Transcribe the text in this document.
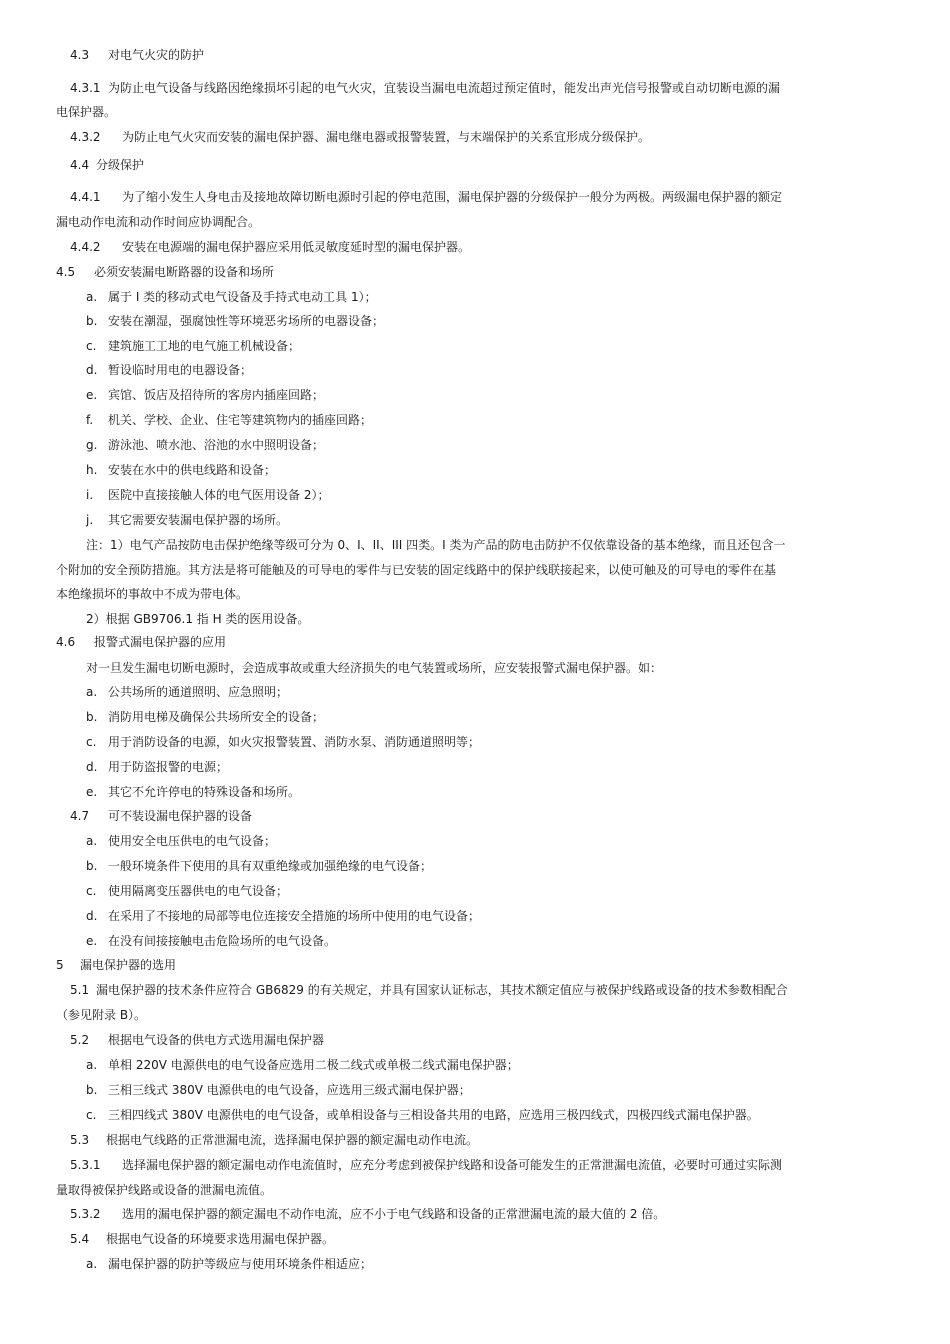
4.3 对电气火灾的防护
4.3.1 为防止电气设备与线路因绝缘损坏引起的电气火灾，宜装设当漏电电流超过预定值时，能发出声光信号报警或自动切断电源的漏
电保护器。
4.3.2 为防止电气火灾而安装的漏电保护器、漏电继电器或报警装置，与末端保护的关系宜形成分级保护。
4.4 分级保护
4.4.1 为了缩小发生人身电击及接地故障切断电源时引起的停电范围，漏电保护器的分级保护一般分为两极。两级漏电保护器的额定
漏电动作电流和动作时间应协调配合。
4.4.2 安装在电源端的漏电保护器应采用低灵敏度延时型的漏电保护器。
4.5 必须安装漏电断路器的设备和场所
a. 属于 I 类的移动式电气设备及手持式电动工具 1）；
b. 安装在潮湿，强腐蚀性等环境恶劣场所的电器设备；
c. 建筑施工工地的电气施工机械设备；
d. 暂设临时用电的电器设备；
e. 宾馆、饭店及招待所的客房内插座回路；
f. 机关、学校、企业、住宅等建筑物内的插座回路；
g. 游泳池、喷水池、浴池的水中照明设备；
h. 安装在水中的供电线路和设备；
i. 医院中直接接触人体的电气医用设备 2）；
j. 其它需要安装漏电保护器的场所。
注：1）电气产品按防电击保护绝缘等级可分为 0、I、II、III 四类。I 类为产品的防电击防护不仅依靠设备的基本绝缘，而且还包含一
个附加的安全预防措施。其方法是将可能触及的可导电的零件与已安装的固定线路中的保护线联接起来，以使可触及的可导电的零件在基
本绝缘损坏的事故中不成为带电体。
2）根据 GB9706.1 指 H 类的医用设备。
4.6 报警式漏电保护器的应用
对一旦发生漏电切断电源时，会造成事故或重大经济损失的电气装置或场所，应安装报警式漏电保护器。如：
a. 公共场所的通道照明、应急照明；
b. 消防用电梯及确保公共场所安全的设备；
c. 用于消防设备的电源，如火灾报警装置、消防水泵、消防通道照明等；
d. 用于防盗报警的电源；
e. 其它不允许停电的特殊设备和场所。
4.7 可不装设漏电保护器的设备
a. 使用安全电压供电的电气设备；
b. 一般环境条件下使用的具有双重绝缘或加强绝缘的电气设备；
c. 使用隔离变压器供电的电气设备；
d. 在采用了不接地的局部等电位连接安全措施的场所中使用的电气设备；
e. 在没有间接接触电击危险场所的电气设备。
5 漏电保护器的选用
5.1 漏电保护器的技术条件应符合 GB6829 的有关规定，并具有国家认证标志，其技术额定值应与被保护线路或设备的技术参数相配合
（参见附录 B）。
5.2 根据电气设备的供电方式选用漏电保护器
a. 单相 220V 电源供电的电气设备应选用二极二线式或单极二线式漏电保护器；
b. 三相三线式 380V 电源供电的电气设备，应选用三级式漏电保护器；
c. 三相四线式 380V 电源供电的电气设备，或单相设备与三相设备共用的电路，应选用三极四线式，四极四线式漏电保护器。
5.3 根据电气线路的正常泄漏电流，选择漏电保护器的额定漏电动作电流。
5.3.1 选择漏电保护器的额定漏电动作电流值时，应充分考虑到被保护线路和设备可能发生的正常泄漏电流值，必要时可通过实际测
量取得被保护线路或设备的泄漏电流值。
5.3.2 选用的漏电保护器的额定漏电不动作电流，应不小于电气线路和设备的正常泄漏电流的最大值的 2 倍。
5.4 根据电气设备的环境要求选用漏电保护器。
a. 漏电保护器的防护等级应与使用环境条件相适应；
